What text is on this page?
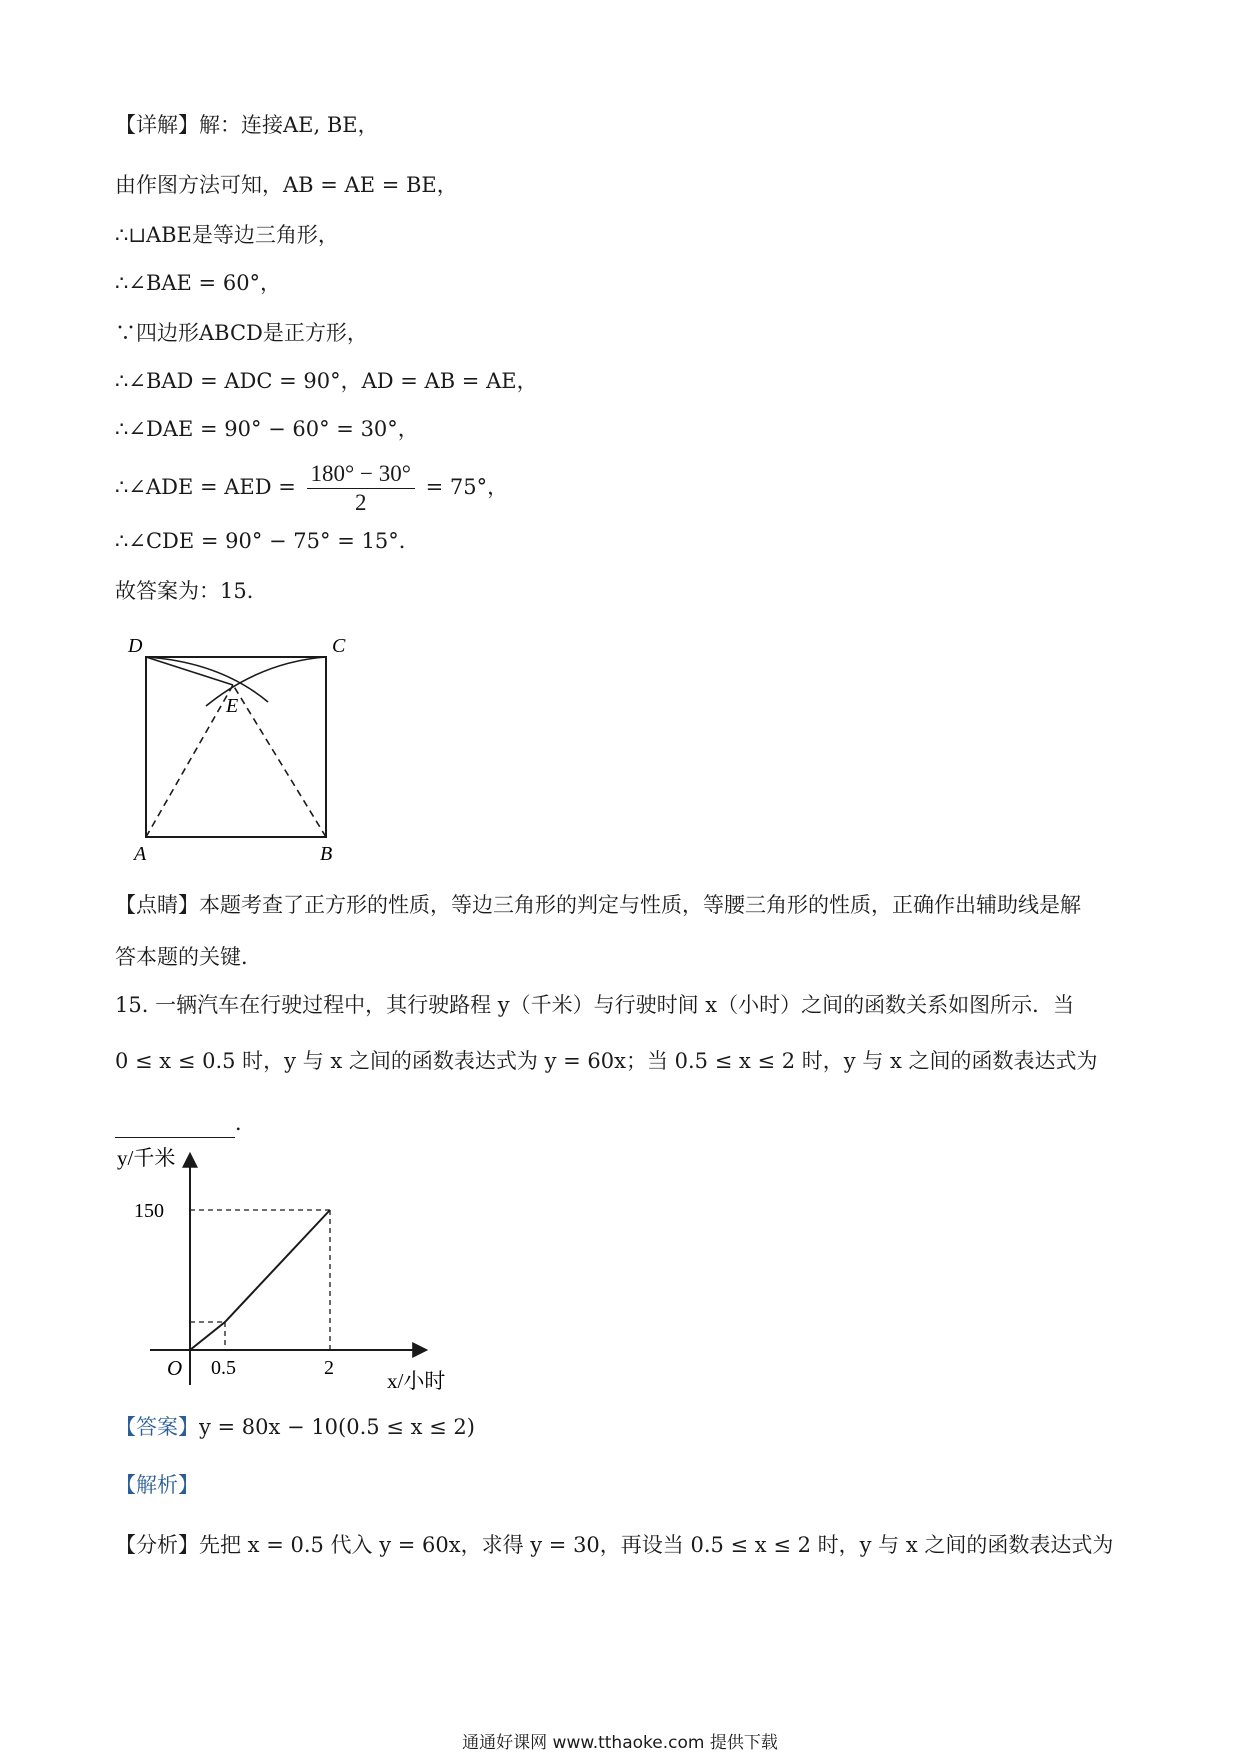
【详解】解：连接AE, BE，
由作图方法可知，AB = AE = BE，
∴⊔ABE是等边三角形，
∴∠BAE = 60°，
∵四边形ABCD是正方形，
∴∠BAD = ADC = 90°，AD = AB = AE，
∴∠DAE = 90° − 60° = 30°，
∴∠ADE = AED = $\frac{180^\circ - 30^\circ}{2} = 75^\circ$，
∴∠CDE = 90° − 75° = 15°．
故答案为：15．
D	C
E
A	B
【点睛】本题考查了正方形的性质，等边三角形的判定与性质，等腰三角形的性质，正确作出辅助线是解
答本题的关键．
15. 一辆汽车在行驶过程中，其行驶路程 y（千米）与行驶时间 x（小时）之间的函数关系如图所示．当
0 ≤ x ≤ 0.5 时，y 与 x 之间的函数表达式为 y = 60x；当 0.5 ≤ x ≤ 2 时，y 与 x 之间的函数表达式为
．
y/千米
x/小时
O 0.5	2
150
【答案】y = 80x − 10(0.5 ≤ x ≤ 2)
【解析】
【分析】先把 x = 0.5 代入 y = 60x，求得 y = 30，再设当 0.5 ≤ x ≤ 2 时，y 与 x 之间的函数表达式为
通通好课网 www.tthaoke.com 提供下载
